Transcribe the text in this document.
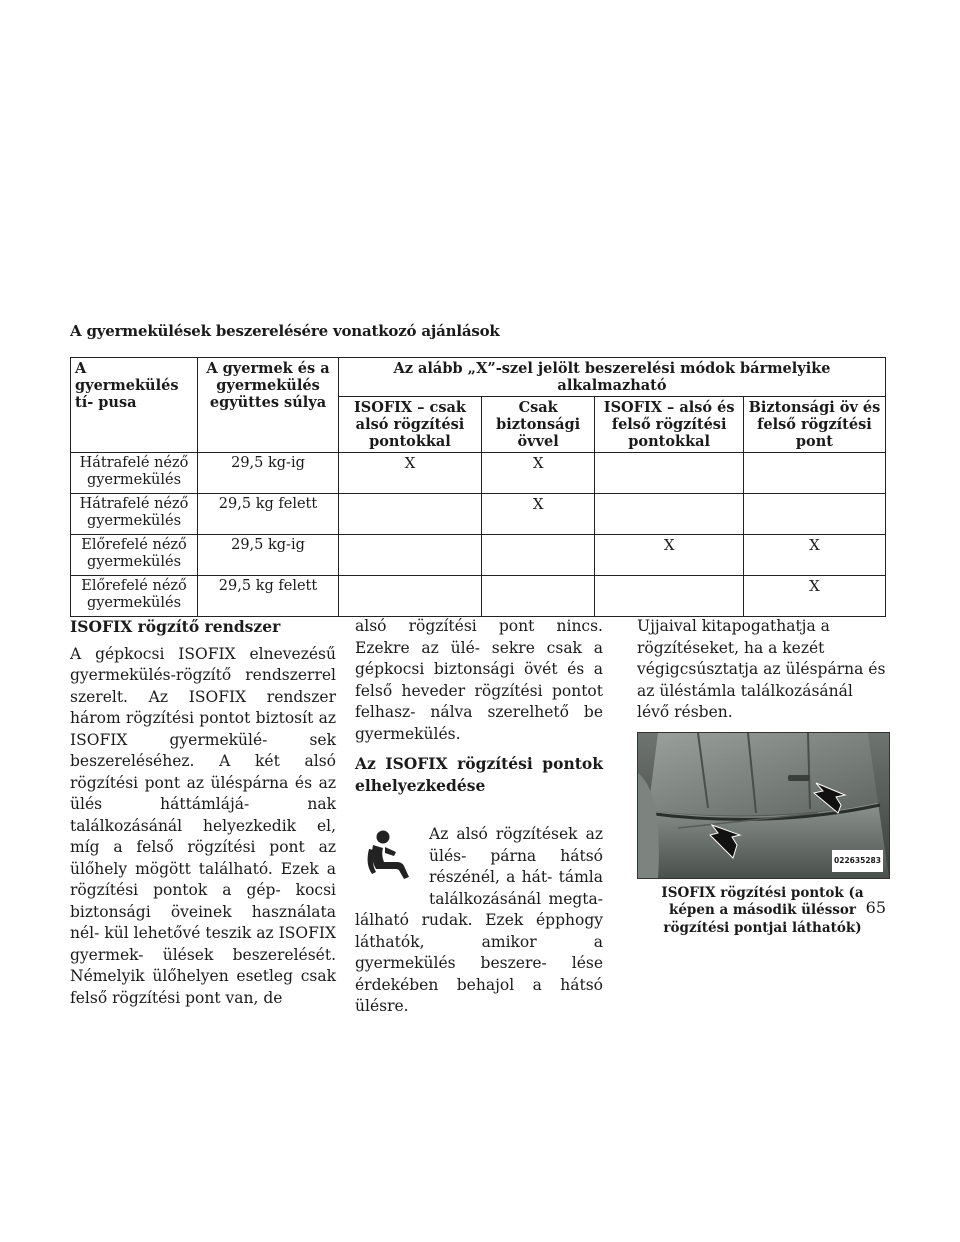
A gyermekülések beszerelésére vonatkozó ajánlások
A gyermekülés tí- pusa	A gyermek és a gyermekülés együttes súlya	Az alább „X”-szel jelölt beszerelési módok bármelyike alkalmazható			
		ISOFIX – csak alsó rögzítési pontokkal	Csak biztonsági övvel	ISOFIX – alsó és felső rögzítési pontokkal	Biztonsági öv és felső rögzítési pont
Hátrafelé néző gyermekülés	29,5 kg-ig	X	X		
Hátrafelé néző gyermekülés	29,5 kg felett		X		
Előrefelé néző gyermekülés	29,5 kg-ig			X	X
Előrefelé néző gyermekülés	29,5 kg felett				X
ISOFIX rögzítő rendszer

A gépkocsi ISOFIX elnevezésű gyermekülés-rögzítő rendszerrel szerelt. Az ISOFIX rendszer három rögzítési pontot biztosít az ISOFIX gyermekülé- sek beszereléséhez. A két alsó rögzítési pont az üléspárna és az ülés háttámlájá- nak találkozásánál helyezkedik el, míg a felső rögzítési pont az ülőhely mögött található. Ezek a rögzítési pontok a gép- kocsi biztonsági öveinek használata nél- kül lehetővé teszik az ISOFIX gyermek- ülések beszerelését. Némelyik ülőhelyen esetleg csak felső rögzítési pont van, de

alsó rögzítési pont nincs. Ezekre az ülé- sekre csak a gépkocsi biztonsági övét és a felső heveder rögzítési pontot felhasz- nálva szerelhető be gyermekülés.

Az ISOFIX rögzítési pontok elhelyezkedése

Az alsó rögzítések az ülés- párna hátsó részénél, a hát- támla találkozásánál megta- lálható rudak. Ezek épphogy láthatók, amikor a gyermekülés beszere- lése érdekében behajol a hátsó ülésre.

Ujjaival kitapogathatja a rögzítéseket, ha a kezét végigcsúsztatja az üléspárna és az üléstámla találkozásánál lévő résben.

022635283
ISOFIX rögzítési pontok (a képen a második üléssor rögzítési pontjai láthatók)
65
